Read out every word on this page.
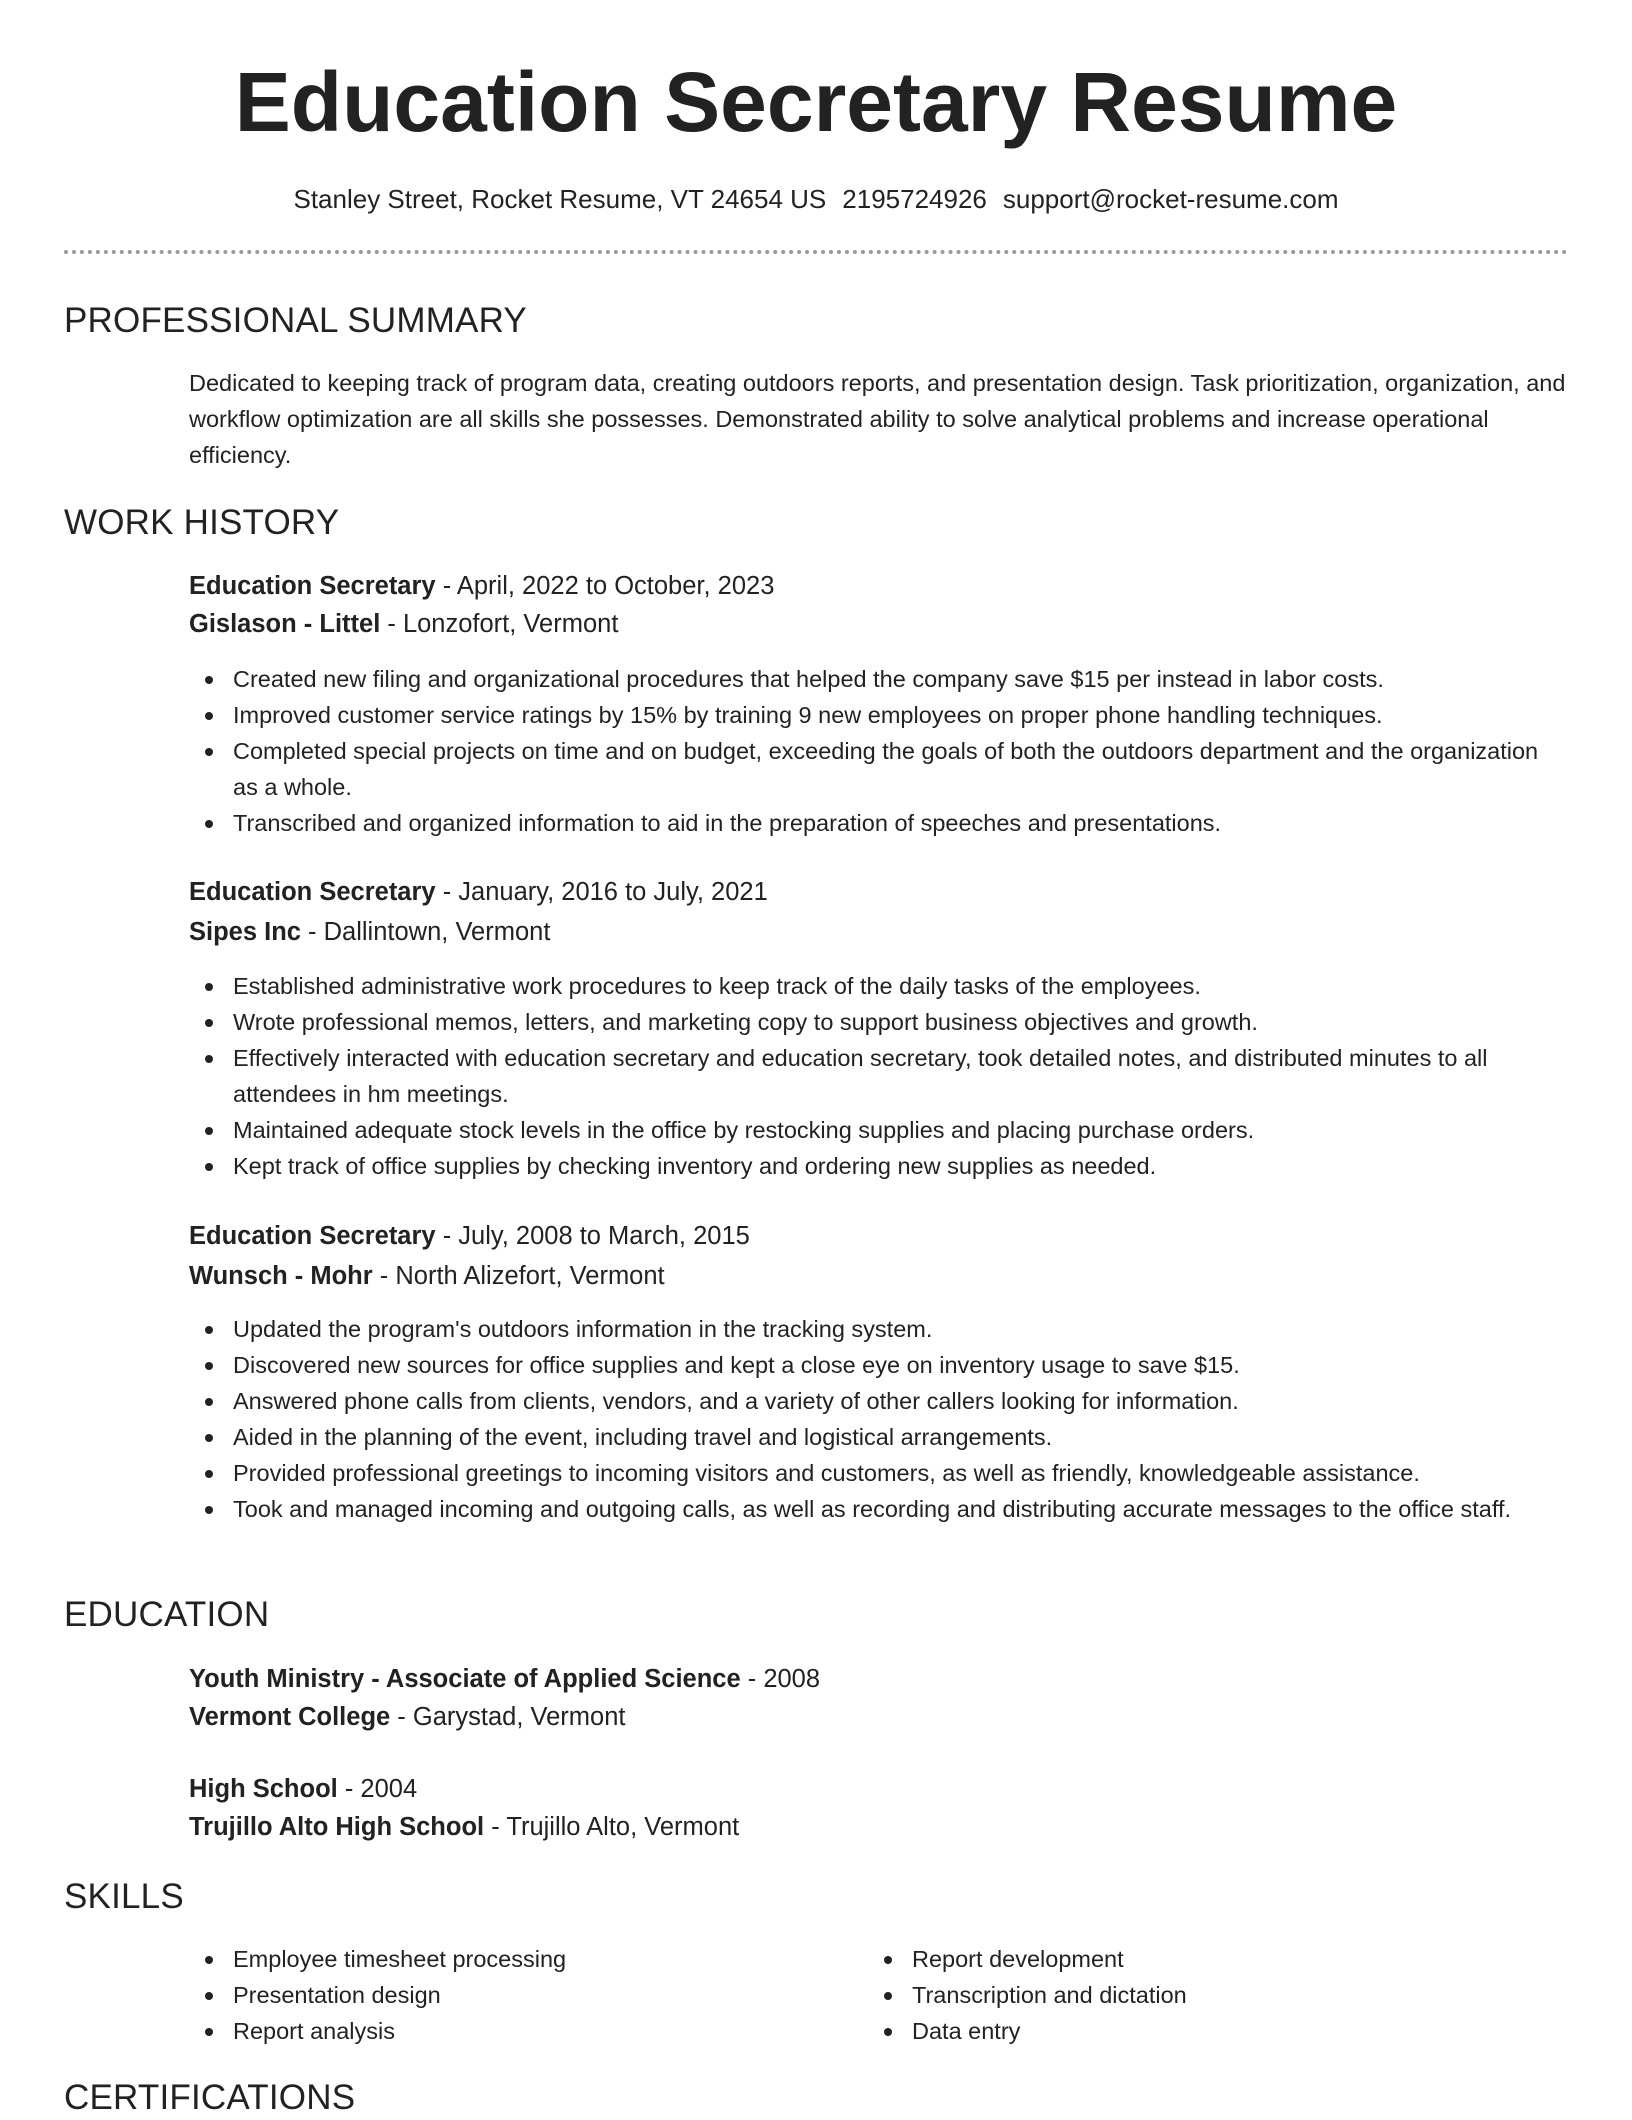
Education Secretary Resume
Stanley Street, Rocket Resume, VT 24654 US 2195724926 support@rocket-resume.com
PROFESSIONAL SUMMARY

Dedicated to keeping track of program data, creating outdoors reports, and presentation design. Task prioritization, organization, and workflow optimization are all skills she possesses. Demonstrated ability to solve analytical problems and increase operational efficiency.

WORK HISTORY
Education Secretary - April, 2022 to October, 2023
Gislason - Littel - Lonzofort, Vermont
Created new filing and organizational procedures that helped the company save $15 per instead in labor costs.
Improved customer service ratings by 15% by training 9 new employees on proper phone handling techniques.
Completed special projects on time and on budget, exceeding the goals of both the outdoors department and the organization as a whole.
Transcribed and organized information to aid in the preparation of speeches and presentations.
Education Secretary - January, 2016 to July, 2021
Sipes Inc - Dallintown, Vermont
Established administrative work procedures to keep track of the daily tasks of the employees.
Wrote professional memos, letters, and marketing copy to support business objectives and growth.
Effectively interacted with education secretary and education secretary, took detailed notes, and distributed minutes to all attendees in hm meetings.
Maintained adequate stock levels in the office by restocking supplies and placing purchase orders.
Kept track of office supplies by checking inventory and ordering new supplies as needed.
Education Secretary - July, 2008 to March, 2015
Wunsch - Mohr - North Alizefort, Vermont
Updated the program's outdoors information in the tracking system.
Discovered new sources for office supplies and kept a close eye on inventory usage to save $15.
Answered phone calls from clients, vendors, and a variety of other callers looking for information.
Aided in the planning of the event, including travel and logistical arrangements.
Provided professional greetings to incoming visitors and customers, as well as friendly, knowledgeable assistance.
Took and managed incoming and outgoing calls, as well as recording and distributing accurate messages to the office staff.
EDUCATION
Youth Ministry - Associate of Applied Science - 2008
Vermont College - Garystad, Vermont
High School - 2004
Trujillo Alto High School - Trujillo Alto, Vermont
SKILLS
Employee timesheet processing
Presentation design
Report analysis
Report development
Transcription and dictation
Data entry
CERTIFICATIONS
